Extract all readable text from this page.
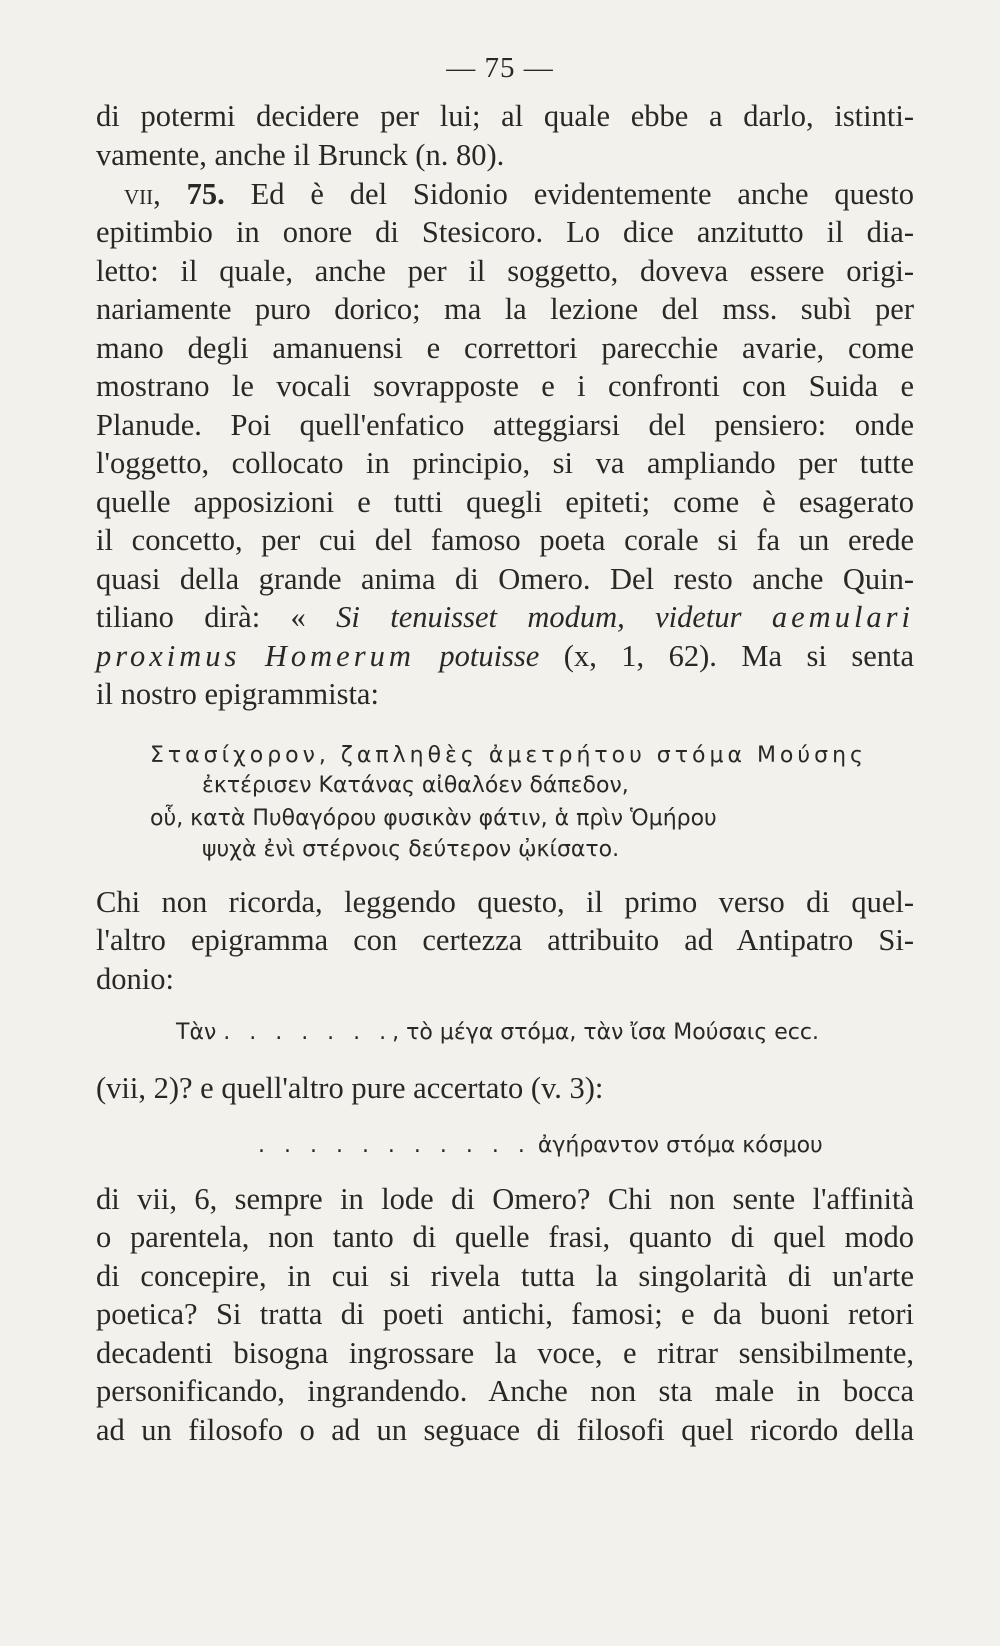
— 75 —
di potermi decidere per lui; al quale ebbe a darlo, istinti-
vamente, anche il Brunck (n. 80).
vii, 75. Ed è del Sidonio evidentemente anche questo
epitimbio in onore di Stesicoro. Lo dice anzitutto il dia-
letto: il quale, anche per il soggetto, doveva essere origi-
nariamente puro dorico; ma la lezione del mss. subì per
mano degli amanuensi e correttori parecchie avarie, come
mostrano le vocali sovrapposte e i confronti con Suida e
Planude. Poi quell'enfatico atteggiarsi del pensiero: onde
l'oggetto, collocato in principio, si va ampliando per tutte
quelle apposizioni e tutti quegli epiteti; come è esagerato
il concetto, per cui del famoso poeta corale si fa un erede
quasi della grande anima di Omero. Del resto anche Quin-
tiliano dirà: « Si tenuisset modum, videtur aemulari
proximus Homerum potuisse (x, 1, 62). Ma si senta
il nostro epigrammista:
Στασίχορον, ζαπληθὲς ἀμετρήτου στόμα Μούσης
ἐκτέρισεν Κατάνας αἰθαλόεν δάπεδον,
οὗ, κατὰ Πυθαγόρου φυσικὰν φάτιν, ἁ πρὶν Ὁμήρου
ψυχὰ ἐνὶ στέρνοις δεύτερον ᾠκίσατο.
Chi non ricorda, leggendo questo, il primo verso di quel-
l'altro epigramma con certezza attribuito ad Antipatro Si-
donio:
Τὰν . . . . . . ., τὸ μέγα στόμα, τὰν ἴσα Μούσαις ecc.
(vii, 2)? e quell'altro pure accertato (v. 3):
. . . . . . . . . . . ἀγήραντον στόμα κόσμου
di vii, 6, sempre in lode di Omero? Chi non sente l'affinità
o parentela, non tanto di quelle frasi, quanto di quel modo
di concepire, in cui si rivela tutta la singolarità di un'arte
poetica? Si tratta di poeti antichi, famosi; e da buoni retori
decadenti bisogna ingrossare la voce, e ritrar sensibilmente,
personificando, ingrandendo. Anche non sta male in bocca
ad un filosofo o ad un seguace di filosofi quel ricordo della
